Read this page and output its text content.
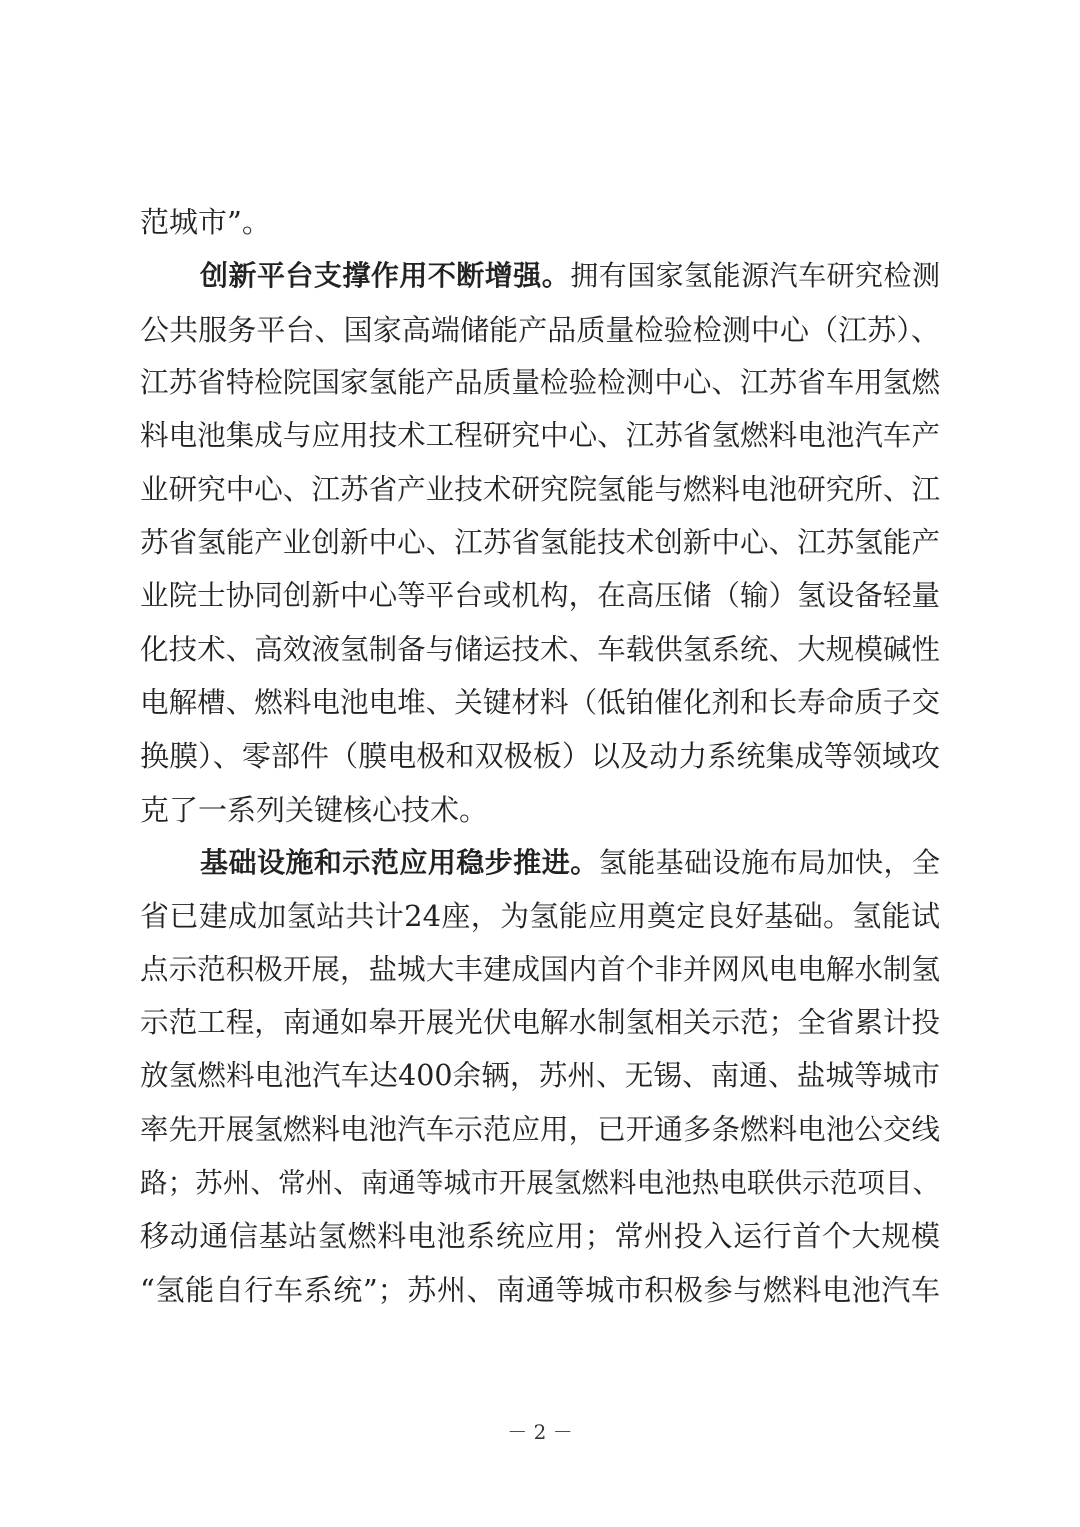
范城市”。
创新平台支撑作用不断增强。拥有国家氢能源汽车研究检测
公共服务平台、国家高端储能产品质量检验检测中心（江苏）、
江苏省特检院国家氢能产品质量检验检测中心、江苏省车用氢燃
料电池集成与应用技术工程研究中心、江苏省氢燃料电池汽车产
业研究中心、江苏省产业技术研究院氢能与燃料电池研究所、江
苏省氢能产业创新中心、江苏省氢能技术创新中心、江苏氢能产
业院士协同创新中心等平台或机构，在高压储（输）氢设备轻量
化技术、高效液氢制备与储运技术、车载供氢系统、大规模碱性
电解槽、燃料电池电堆、关键材料（低铂催化剂和长寿命质子交
换膜）、零部件（膜电极和双极板）以及动力系统集成等领域攻
克了一系列关键核心技术。
基础设施和示范应用稳步推进。氢能基础设施布局加快，全
省已建成加氢站共计24座，为氢能应用奠定良好基础。氢能试
点示范积极开展，盐城大丰建成国内首个非并网风电电解水制氢
示范工程，南通如皋开展光伏电解水制氢相关示范；全省累计投
放氢燃料电池汽车达400余辆，苏州、无锡、南通、盐城等城市
率先开展氢燃料电池汽车示范应用，已开通多条燃料电池公交线
路；苏州、常州、南通等城市开展氢燃料电池热电联供示范项目、
移动通信基站氢燃料电池系统应用；常州投入运行首个大规模
“氢能自行车系统”；苏州、南通等城市积极参与燃料电池汽车
－ 2 －
